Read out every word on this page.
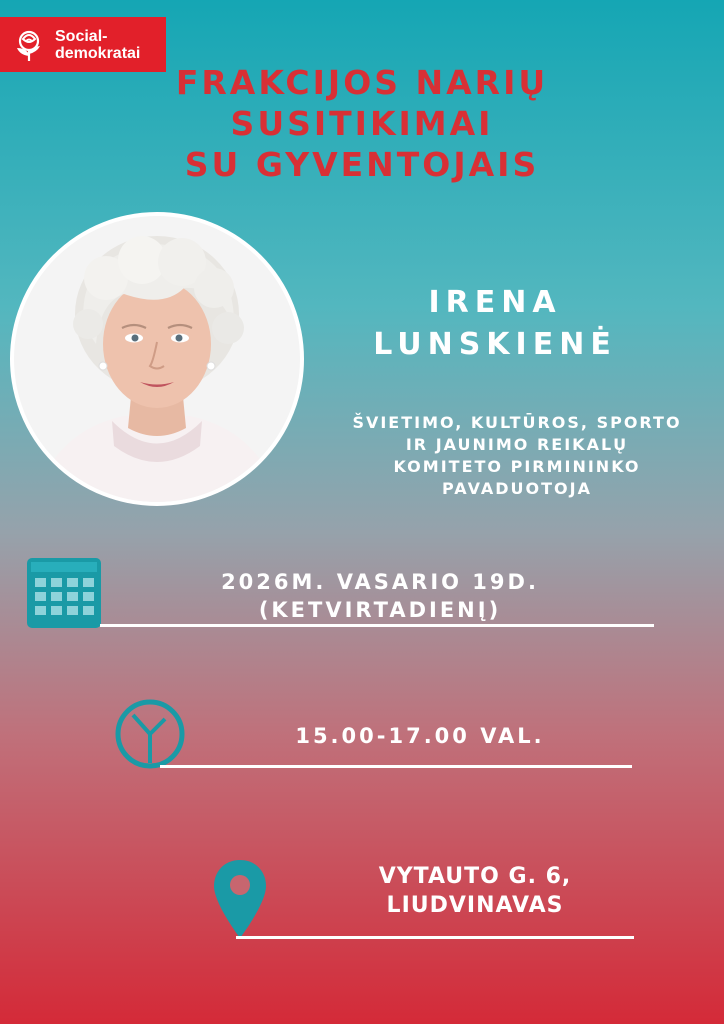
Social-
demokratai
FRAKCIJOS NARIŲ
SUSITIKIMAI
SU GYVENTOJAIS
IRENA
LUNSKIENĖ
ŠVIETIMO, KULTŪROS, SPORTO
IR JAUNIMO REIKALŲ
KOMITETO PIRMININKO
PAVADUOTOJA
2026M. VASARIO 19D.
(KETVIRTADIENĮ)
15.00-17.00 VAL.
VYTAUTO G. 6,
LIUDVINAVAS
